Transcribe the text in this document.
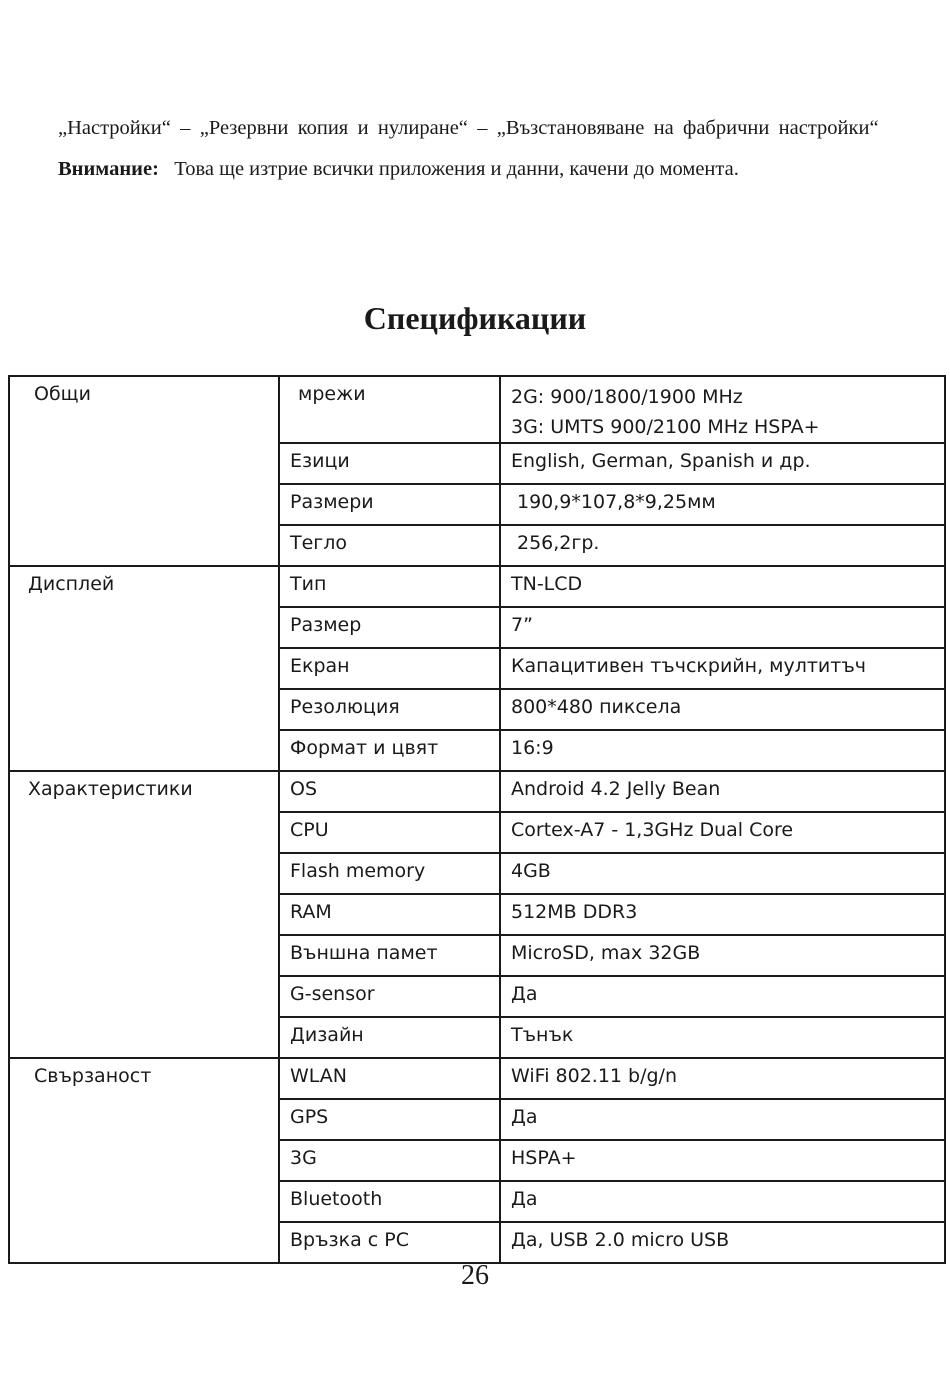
„Настройки“ – „Резервни копия и нулиране“ – „Възстановяване на фабрични настройки“   Внимание: Това ще изтрие всички приложения и данни, качени до момента.
Спецификации
Общи	мрежи	2G: 900/1800/1900 MHz
3G: UMTS 900/2100 MHz HSPA+

	Езици	English, German, Spanish и др.

	Размери	190,9*107,8*9,25мм

	Тегло	256,2гр.

Дисплей	Тип	TN-LCD

	Размер	7”

	Екран	Капацитивен тъчскрийн, мултитъч

	Резолюция	800*480 пиксела

	Формат и цвят	16:9

Характеристики	OS	Android 4.2 Jelly Bean

	CPU	Cortex-A7 - 1,3GHz Dual Core

	Flash memory	4GB

	RAM	512MB DDR3

	Външна памет	MicroSD, max 32GB

	G-sensor	Да

	Дизайн	Тънък

Свързаност	WLAN	WiFi 802.11 b/g/n

	GPS	Да

	3G	HSPA+

	Bluetooth	Да

	Връзка с PC	Да, USB 2.0 micro USB
26
